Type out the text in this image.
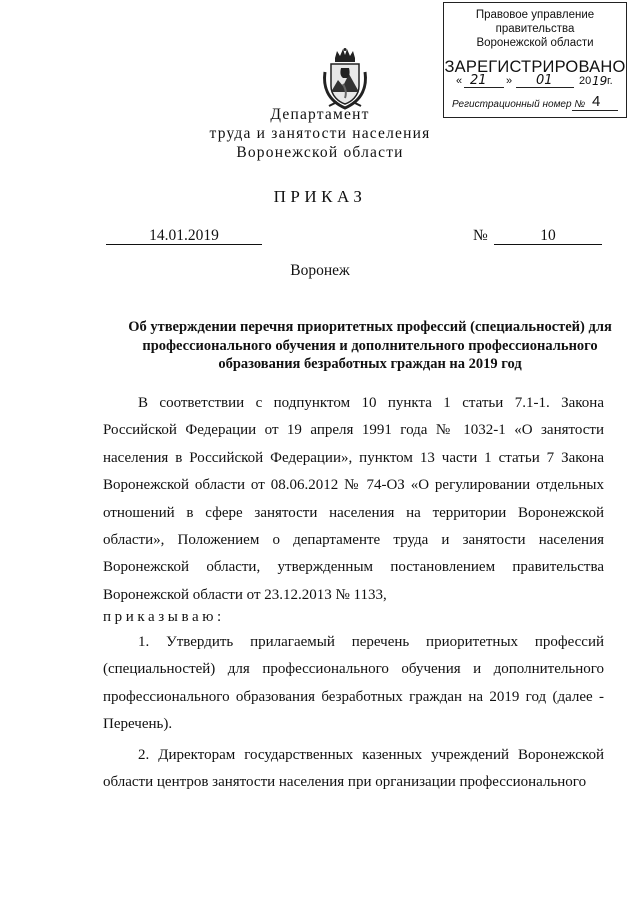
Правовое управление правительства
Воронежской области
ЗАРЕГИСТРИРОВАНО
« 21 » 01 20 19 г.
Регистрационный номер № 4
Департамент
труда и занятости населения
Воронежской области
ПРИКАЗ
14.01.2019	№	10
Воронеж
Об утверждении перечня приоритетных профессий (специальностей) для профессионального обучения и дополнительного профессионального образования безработных граждан на 2019 год

В соответствии с подпунктом 10 пункта 1 статьи 7.1-1. Закона Российской Федерации от 19 апреля 1991 года № 1032-1 «О занятости населения в Российской Федерации», пунктом 13 части 1 статьи 7 Закона Воронежской области от 08.06.2012 № 74-ОЗ «О регулировании отдельных отношений в сфере занятости населения на территории Воронежской области», Положением о департаменте труда и занятости населения Воронежской области, утвержденным постановлением правительства Воронежской области от 23.12.2013 № 1133,

приказываю:

1. Утвердить прилагаемый перечень приоритетных профессий (специальностей) для профессионального обучения и дополнительного профессионального образования безработных граждан на 2019 год (далее - Перечень).

2. Директорам государственных казенных учреждений Воронежской области центров занятости населения при организации профессионального
